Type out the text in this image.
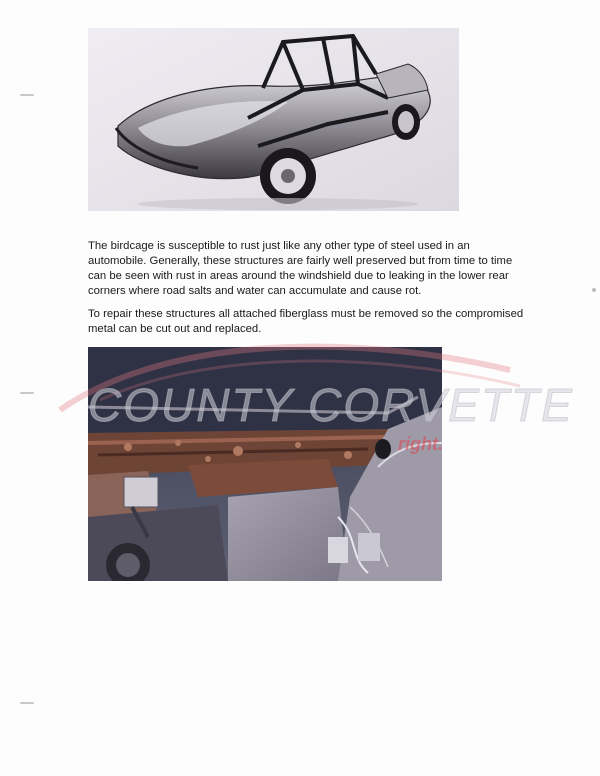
The birdcage is susceptible to rust just like any other type of steel used in an automobile. Generally, these structures are fairly well preserved but from time to time can be seen with rust in areas around the windshield due to leaking in the lower rear corners where road salts and water can accumulate and cause rot.

To repair these structures all attached fiberglass must be removed so the compromised metal can be cut out and replaced.

COUNTY CORVETTE
right.
